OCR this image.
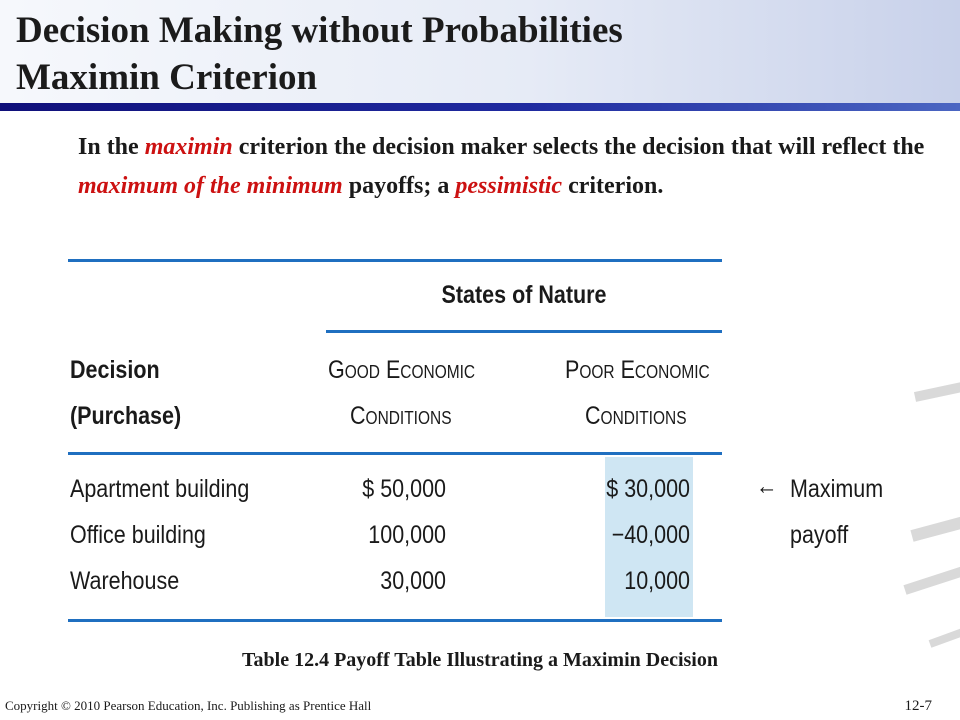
Decision Making without Probabilities
Maximin Criterion
In the maximin criterion the decision maker selects the decision that will reflect the maximum of the minimum payoffs; a pessimistic criterion.
States of Nature
Decision
(Purchase)
Good Economic
Conditions
Poor Economic
Conditions
Apartment building	$ 50,000	$ 30,000
Office building	100,000	−40,000
Warehouse	30,000	10,000
← Maximum
payoff
Table 12.4 Payoff Table Illustrating a Maximin Decision
Copyright © 2010 Pearson Education, Inc. Publishing as Prentice Hall	12-7
